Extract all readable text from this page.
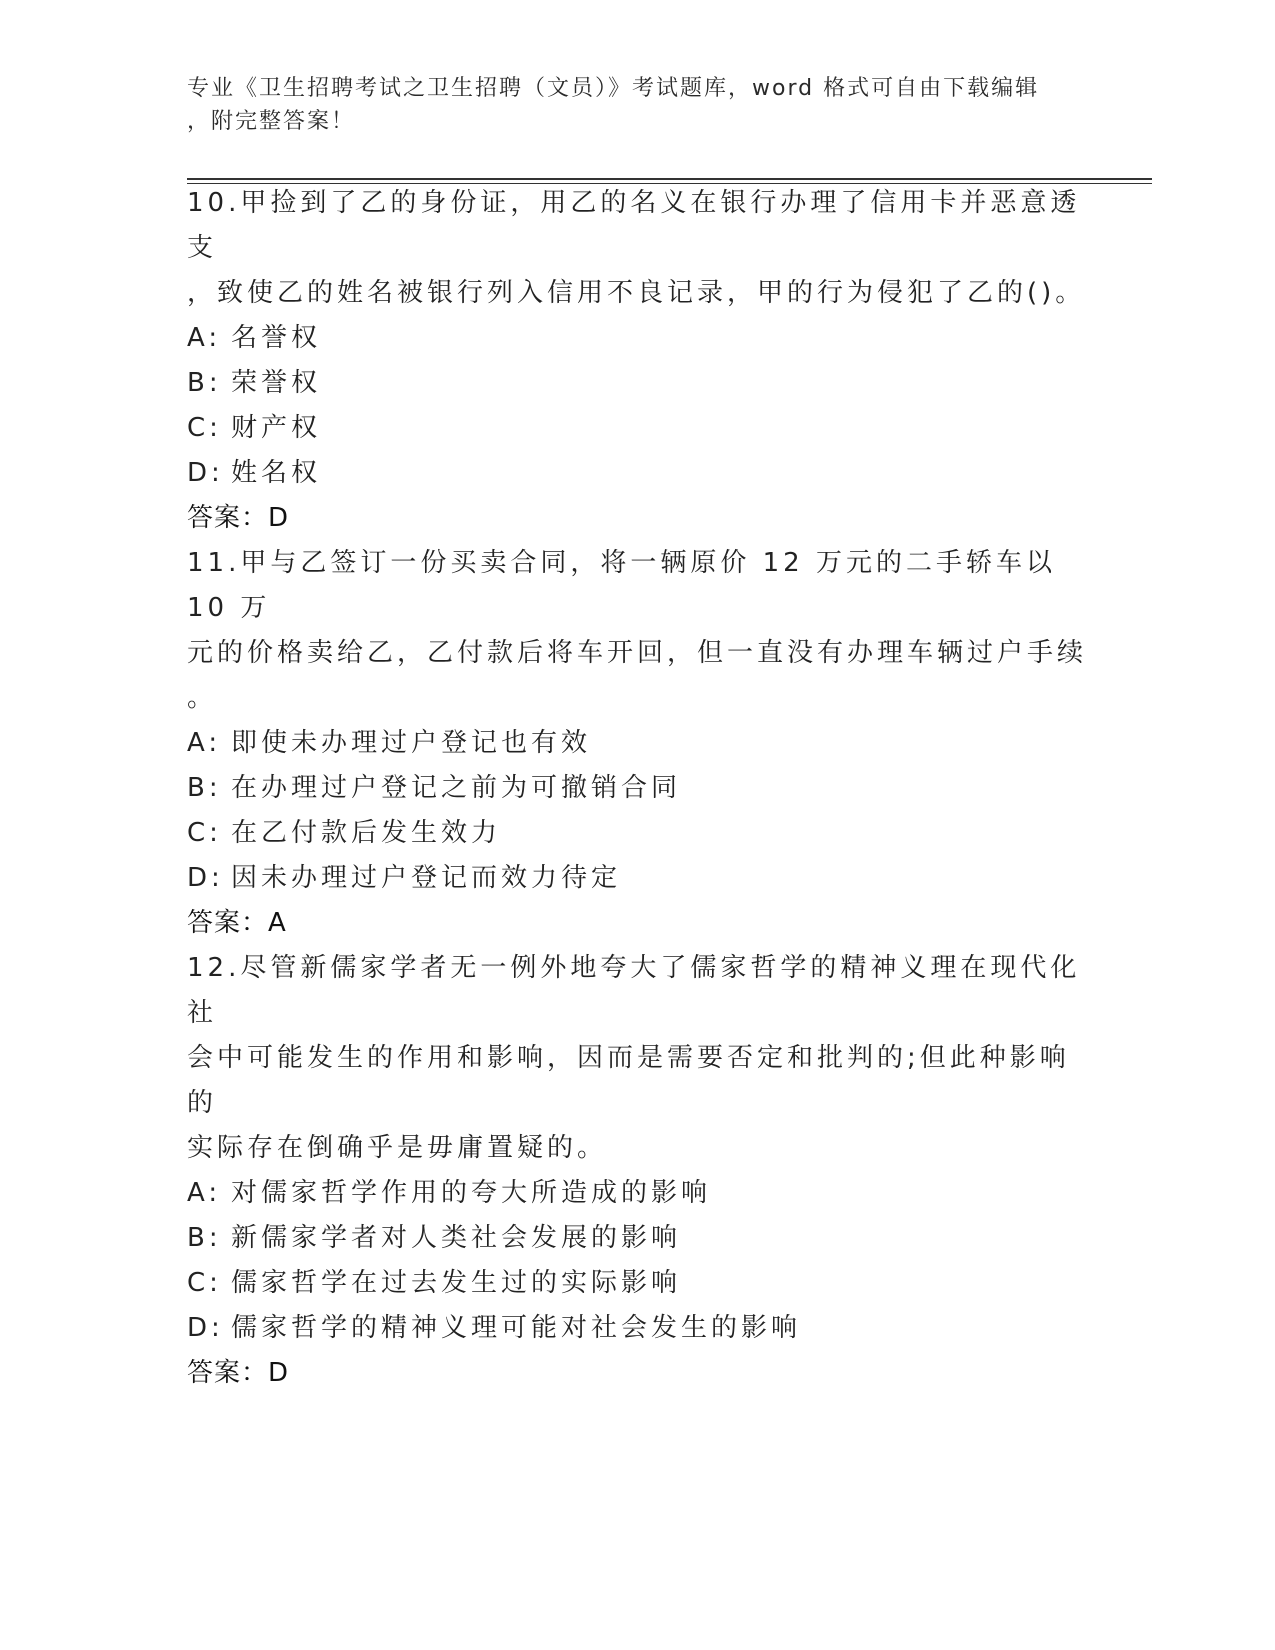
专业《卫生招聘考试之卫生招聘（文员）》考试题库，word 格式可自由下载编辑
，附完整答案！

10.甲捡到了乙的身份证，用乙的名义在银行办理了信用卡并恶意透支

，致使乙的姓名被银行列入信用不良记录，甲的行为侵犯了乙的()。

A: 名誉权

B: 荣誉权

C: 财产权

D: 姓名权

答案：D

11.甲与乙签订一份买卖合同，将一辆原价 12 万元的二手轿车以 10 万

元的价格卖给乙，乙付款后将车开回，但一直没有办理车辆过户手续

。

A: 即使未办理过户登记也有效

B: 在办理过户登记之前为可撤销合同

C: 在乙付款后发生效力

D: 因未办理过户登记而效力待定

答案：A

12.尽管新儒家学者无一例外地夸大了儒家哲学的精神义理在现代化社

会中可能发生的作用和影响，因而是需要否定和批判的;但此种影响的

实际存在倒确乎是毋庸置疑的。

A: 对儒家哲学作用的夸大所造成的影响

B: 新儒家学者对人类社会发展的影响

C: 儒家哲学在过去发生过的实际影响

D: 儒家哲学的精神义理可能对社会发生的影响

答案：D
